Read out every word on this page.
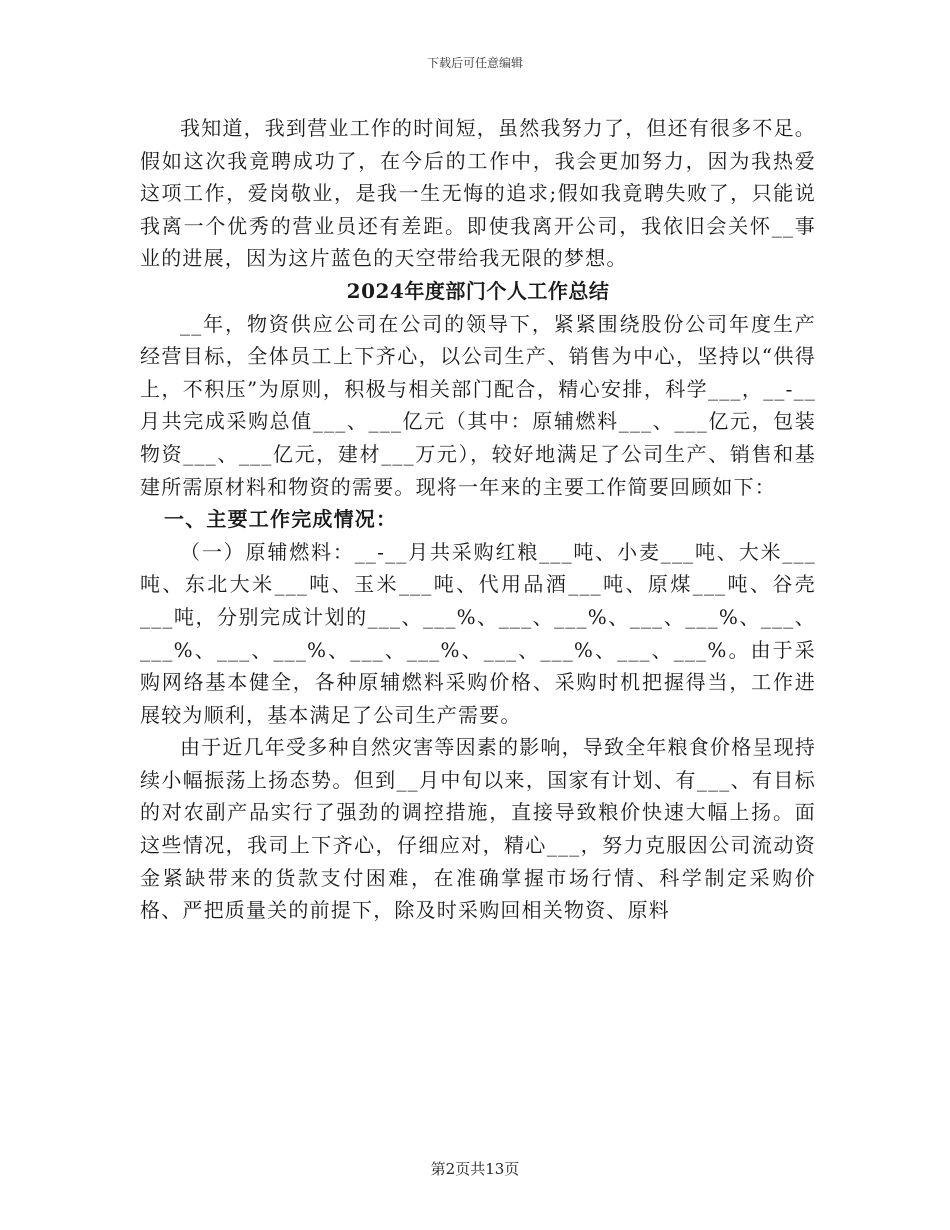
下载后可任意编辑

我知道，我到营业工作的时间短，虽然我努力了，但还有很多不足。假如这次我竟聘成功了，在今后的工作中，我会更加努力，因为我热爱这项工作，爱岗敬业，是我一生无悔的追求;假如我竟聘失败了，只能说我离一个优秀的营业员还有差距。即使我离开公司，我依旧会关怀__事业的进展，因为这片蓝色的天空带给我无限的梦想。

2024年度部门个人工作总结

__年，物资供应公司在公司的领导下，紧紧围绕股份公司年度生产经营目标，全体员工上下齐心，以公司生产、销售为中心，坚持以“供得上，不积压”为原则，积极与相关部门配合，精心安排，科学___，__-__月共完成采购总值___、___亿元（其中：原辅燃料___、___亿元，包装物资___、___亿元，建材___万元），较好地满足了公司生产、销售和基建所需原材料和物资的需要。现将一年来的主要工作简要回顾如下：

一、主要工作完成情况：

（一）原辅燃料：__-__月共采购红粮___吨、小麦___吨、大米___吨、东北大米___吨、玉米___吨、代用品酒___吨、原煤___吨、谷壳___吨，分别完成计划的___、___%、___、___%、___、___%、___、___%、___、___%、___、___%、___、___%、___、___%。由于采购网络基本健全，各种原辅燃料采购价格、采购时机把握得当，工作进展较为顺利，基本满足了公司生产需要。

由于近几年受多种自然灾害等因素的影响，导致全年粮食价格呈现持续小幅振荡上扬态势。但到__月中旬以来，国家有计划、有___、有目标的对农副产品实行了强劲的调控措施，直接导致粮价快速大幅上扬。面这些情况，我司上下齐心，仔细应对，精心___，努力克服因公司流动资金紧缺带来的货款支付困难，在准确掌握市场行情、科学制定采购价格、严把质量关的前提下，除及时采购回相关物资、原料

第2页共13页
